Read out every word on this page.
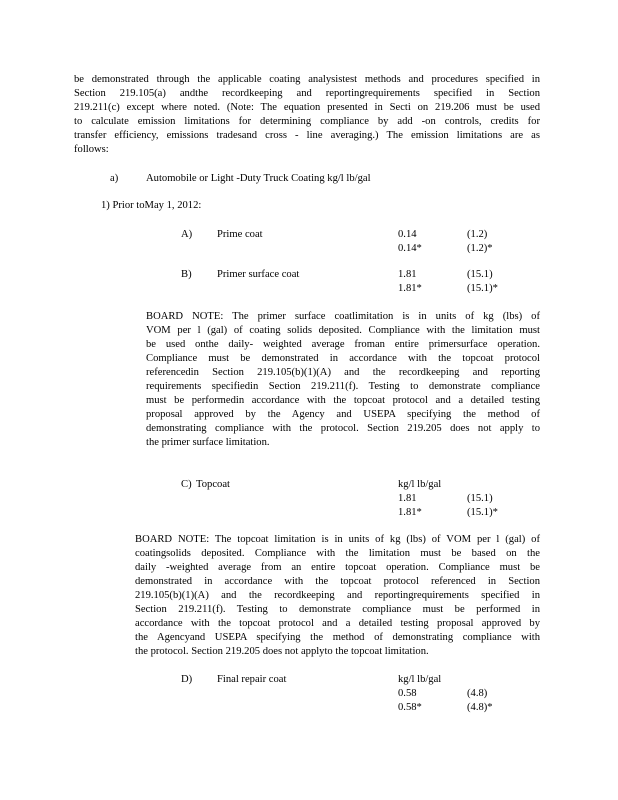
be demonstrated through the applicable coating analysistest methods and procedures specified in
Section 219.105(a) andthe recordkeeping and reportingrequirements specified in Section
219.211(c) except where noted. (Note: The equation presented in Secti on 219.206 must be used
to calculate emission limitations for determining compliance by add -on controls, credits for
transfer efficiency, emissions tradesand cross - line averaging.) The emission limitations are as
follows:
a)	Automobile or Light -Duty Truck Coating kg/l lb/gal
1) Prior toMay 1, 2012:
A) Prime coat	0.14	(1.2)
0.14*	(1.2)*
B) Primer surface coat	1.81	(15.1)
1.81*	(15.1)*
BOARD NOTE: The primer surface coatlimitation is in units of kg (lbs) of
VOM per l (gal) of coating solids deposited. Compliance with the limitation must
be used onthe daily- weighted average froman entire primersurface operation.
Compliance must be demonstrated in accordance with the topcoat protocol
referencedin Section 219.105(b)(1)(A) and the recordkeeping and reporting
requirements specifiedin Section 219.211(f). Testing to demonstrate compliance
must be performedin accordance with the topcoat protocol and a detailed testing
proposal approved by the Agency and USEPA specifying the method of
demonstrating compliance with the protocol. Section 219.205 does not apply to
the primer surface limitation.
C) Topcoat	kg/l lb/gal
1.81	(15.1)
1.81*	(15.1)*
BOARD NOTE: The topcoat limitation is in units of kg (lbs) of VOM per l (gal) of
coatingsolids deposited. Compliance with the limitation must be based on the
daily -weighted average from an entire topcoat operation. Compliance must be
demonstrated in accordance with the topcoat protocol referenced in Section
219.105(b)(1)(A) and the recordkeeping and reportingrequirements specified in
Section 219.211(f). Testing to demonstrate compliance must be performed in
accordance with the topcoat protocol and a detailed testing proposal approved by
the Agencyand USEPA specifying the method of demonstrating compliance with
the protocol. Section 219.205 does not applyto the topcoat limitation.
D) Final repair coat	kg/l lb/gal
0.58	(4.8)
0.58*	(4.8)*
